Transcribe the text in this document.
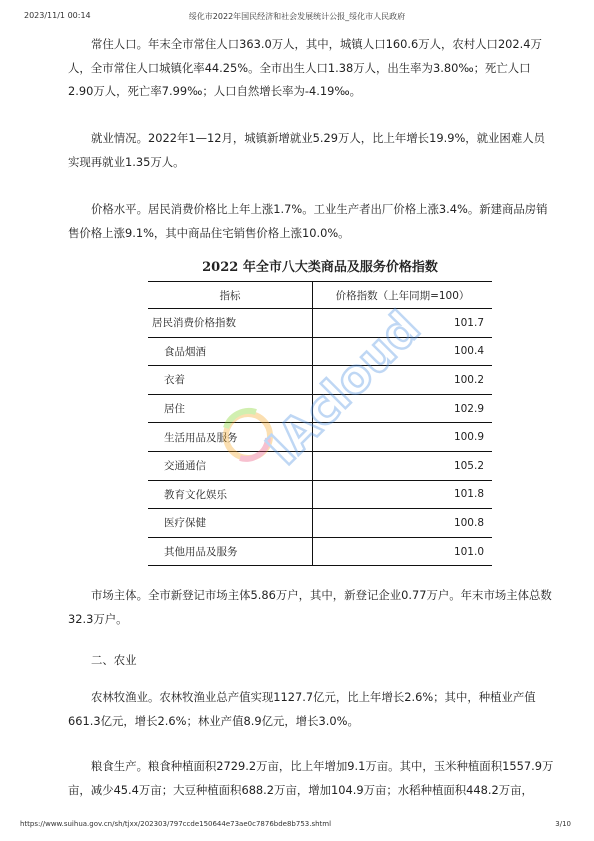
2023/11/1 00:14	绥化市2022年国民经济和社会发展统计公报_绥化市人民政府

常住人口。年末全市常住人口363.0万人，其中，城镇人口160.6万人，农村人口202.4万人，全市常住人口城镇化率44.25%。全市出生人口1.38万人，出生率为3.80‰；死亡人口2.90万人，死亡率7.99‰；人口自然增长率为-4.19‰。

就业情况。2022年1—12月，城镇新增就业5.29万人，比上年增长19.9%，就业困难人员实现再就业1.35万人。

价格水平。居民消费价格比上年上涨1.7%。工业生产者出厂价格上涨3.4%。新建商品房销售价格上涨9.1%，其中商品住宅销售价格上涨10.0%。

2022 年全市八大类商品及服务价格指数
指标	价格指数（上年同期=100）
居民消费价格指数	101.7
食品烟酒	100.4
衣着	100.2
居住	102.9
生活用品及服务	100.9
交通通信	105.2
教育文化娱乐	101.8
医疗保健	100.8
其他用品及服务	101.0
IAcloud

市场主体。全市新登记市场主体5.86万户，其中，新登记企业0.77万户。年末市场主体总数32.3万户。

二、农业

农林牧渔业。农林牧渔业总产值实现1127.7亿元，比上年增长2.6%；其中，种植业产值661.3亿元，增长2.6%；林业产值8.9亿元，增长3.0%。

粮食生产。粮食种植面积2729.2万亩，比上年增加9.1万亩。其中，玉米种植面积1557.9万亩，减少45.4万亩；大豆种植面积688.2万亩，增加104.9万亩；水稻种植面积448.2万亩，

https://www.suihua.gov.cn/sh/tjxx/202303/797ccde150644e73ae0c7876bde8b753.shtml	3/10
